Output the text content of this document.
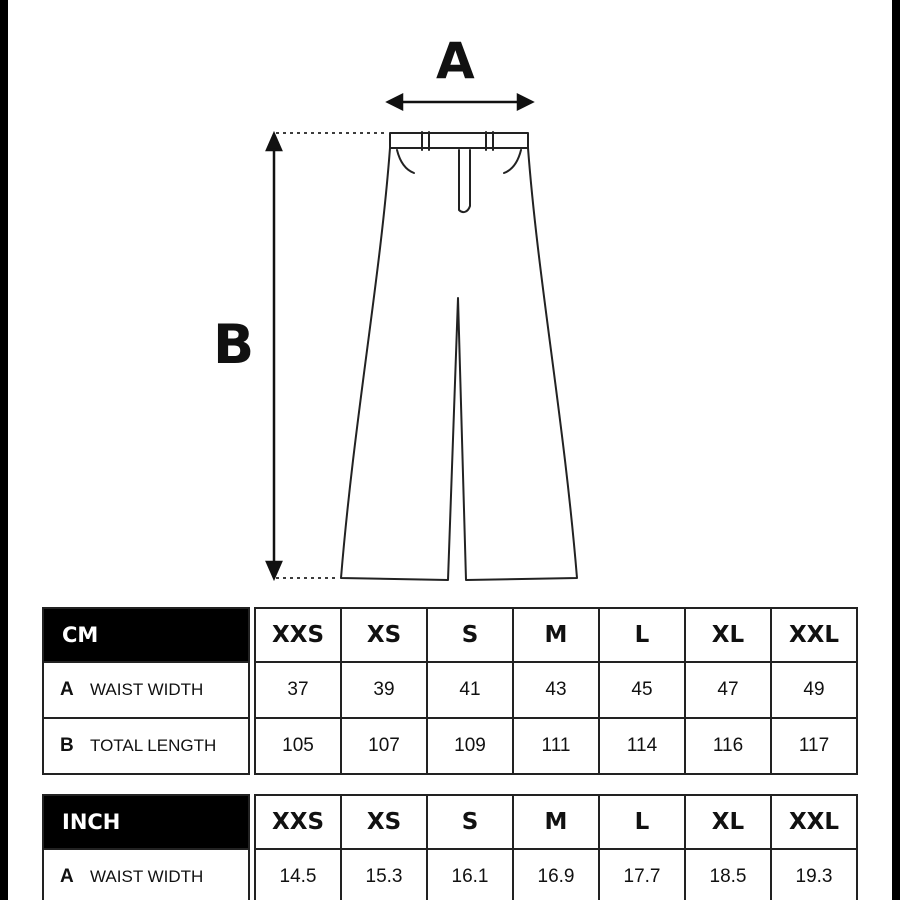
A
B
CM		XXS	XS	S	M	L	XL	XXL
A WAIST WIDTH		37	39	41	43	45	47	49
B TOTAL LENGTH		105	107	109	111	114	116	117
INCH		XXS	XS	S	M	L	XL	XXL
A WAIST WIDTH		14.5	15.3	16.1	16.9	17.7	18.5	19.3
